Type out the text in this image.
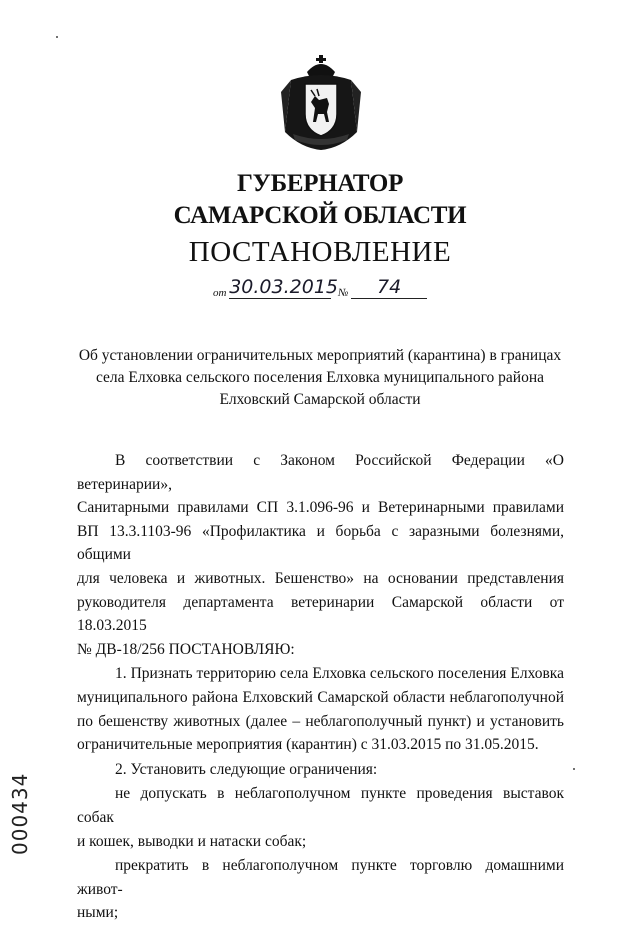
ГУБЕРНАТОР
САМАРСКОЙ ОБЛАСТИ
ПОСТАНОВЛЕНИЕ
от 30.03.2015 № 74
Об установлении ограничительных мероприятий (карантина) в границах
села Елховка сельского поселения Елховка муниципального района
Елховский Самарской области

В соответствии с Законом Российской Федерации «О ветеринарии»,

Санитарными правилами СП 3.1.096-96 и Ветеринарными правилами

ВП 13.3.1103-96 «Профилактика и борьба с заразными болезнями, общими

для человека и животных. Бешенство» на основании представления

руководителя департамента ветеринарии Самарской области от 18.03.2015

№ ДВ-18/256 ПОСТАНОВЛЯЮ:

1. Признать территорию села Елховка сельского поселения Елховка

муниципального района Елховский Самарской области неблагополучной

по бешенству животных (далее – неблагополучный пункт) и установить

ограничительные мероприятия (карантин) с 31.03.2015 по 31.05.2015.

2. Установить следующие ограничения:

не допускать в неблагополучном пункте проведения выставок собак

и кошек, выводки и натаски собак;

прекратить в неблагополучном пункте торговлю домашними живот-

ными;

000434
